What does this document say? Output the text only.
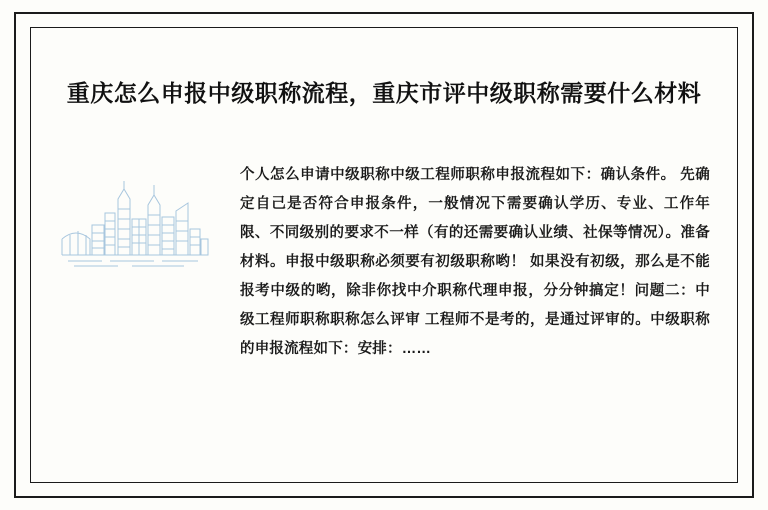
重庆怎么申报中级职称流程，重庆市评中级职称需要什么材料
个人怎么申请中级职称中级工程师职称申报流程如下：确认条件。 先确定自己是否符合申报条件，一般情况下需要确认学历、专业、工作年限、不同级别的要求不一样（有的还需要确认业绩、社保等情况）。准备材料。申报中级职称必须要有初级职称哟！ 如果没有初级，那么是不能报考中级的哟，除非你找中介职称代理申报，分分钟搞定！问题二：中级工程师职称职称怎么评审 工程师不是考的，是通过评审的。中级职称的申报流程如下：安排：……
